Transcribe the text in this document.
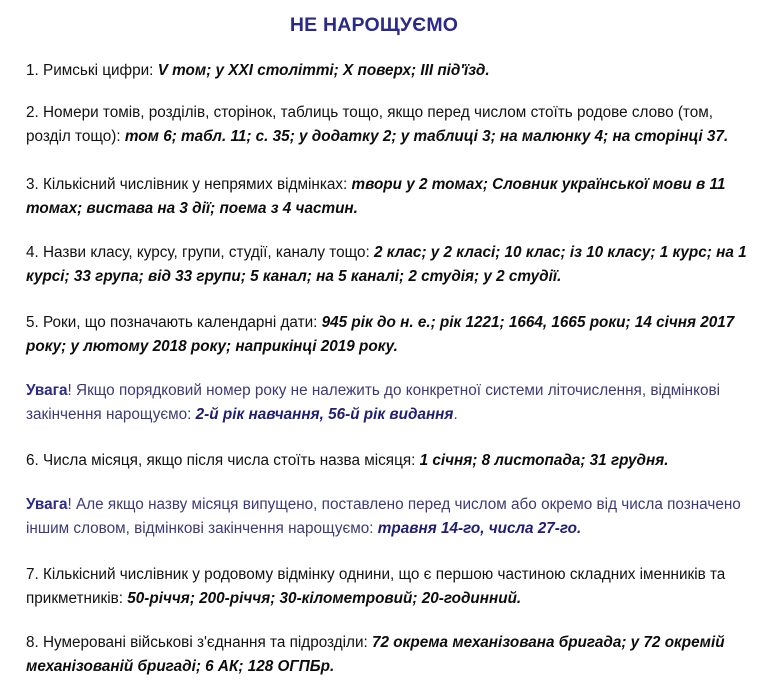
НЕ НАРОЩУЄМО

1. Римські цифри: V том; у XXI столітті; X поверх; III під'їзд.

2. Номери томів, розділів, сторінок, таблиць тощо, якщо перед числом стоїть родове слово (том, розділ тощо): том 6; табл. 11; с. 35; у додатку 2; у таблиці 3; на малюнку 4; на сторінці 37.

3. Кількісний числівник у непрямих відмінках: твори у 2 томах; Словник української мови в 11 томах; вистава на 3 дії; поема з 4 частин.

4. Назви класу, курсу, групи, студії, каналу тощо: 2 клас; у 2 класі; 10 клас; із 10 класу; 1 курс; на 1 курсі; 33 група; від 33 групи; 5 канал; на 5 каналі; 2 студія; у 2 студії.

5. Роки, що позначають календарні дати: 945 рік до н. е.; рік 1221; 1664, 1665 роки; 14 січня 2017 року; у лютому 2018 року; наприкінці 2019 року.

Увага! Якщо порядковий номер року не належить до конкретної системи літочислення, відмінкові закінчення нарощуємо: 2-й рік навчання, 56-й рік видання.

6. Числа місяця, якщо після числа стоїть назва місяця: 1 січня; 8 листопада; 31 грудня.

Увага! Але якщо назву місяця випущено, поставлено перед числом або окремо від числа позначено іншим словом, відмінкові закінчення нарощуємо: травня 14-го, числа 27-го.

7. Кількісний числівник у родовому відмінку однини, що є першою частиною складних іменників та прикметників: 50-річчя; 200-річчя; 30-кілометровий; 20-годинний.

8. Нумеровані військові з'єднання та підрозділи: 72 окрема механізована бригада; у 72 окремій механізованій бригаді; 6 АК; 128 ОГПБр.
